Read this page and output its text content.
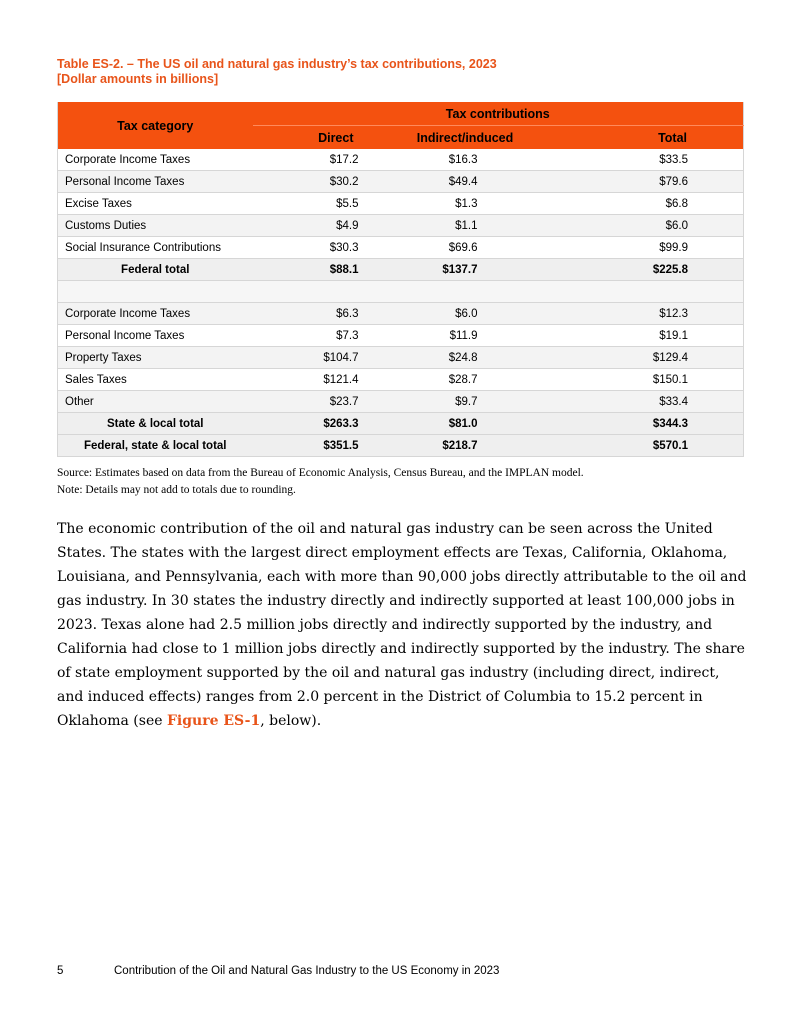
Table ES-2. – The US oil and natural gas industry’s tax contributions, 2023
[Dollar amounts in billions]
Tax category	Tax contributions		
	Direct	Indirect/induced	Total
Corporate Income Taxes	$17.2	$16.3	$33.5
Personal Income Taxes	$30.2	$49.4	$79.6
Excise Taxes	$5.5	$1.3	$6.8
Customs Duties	$4.9	$1.1	$6.0
Social Insurance Contributions	$30.3	$69.6	$99.9
Federal total	$88.1	$137.7	$225.8

Corporate Income Taxes	$6.3	$6.0	$12.3
Personal Income Taxes	$7.3	$11.9	$19.1
Property Taxes	$104.7	$24.8	$129.4
Sales Taxes	$121.4	$28.7	$150.1
Other	$23.7	$9.7	$33.4
State & local total	$263.3	$81.0	$344.3
Federal, state & local total	$351.5	$218.7	$570.1

Source: Estimates based on data from the Bureau of Economic Analysis, Census Bureau, and the IMPLAN model.

Note: Details may not add to totals due to rounding.

The economic contribution of the oil and natural gas industry can be seen across the United States. The states with the largest direct employment effects are Texas, California, Oklahoma, Louisiana, and Pennsylvania, each with more than 90,000 jobs directly attributable to the oil and gas industry. In 30 states the industry directly and indirectly supported at least 100,000 jobs in 2023. Texas alone had 2.5 million jobs directly and indirectly supported by the industry, and California had close to 1 million jobs directly and indirectly supported by the industry. The share of state employment supported by the oil and natural gas industry (including direct, indirect, and induced effects) ranges from 2.0 percent in the District of Columbia to 15.2 percent in Oklahoma (see Figure ES-1, below).

5	Contribution of the Oil and Natural Gas Industry to the US Economy in 2023
